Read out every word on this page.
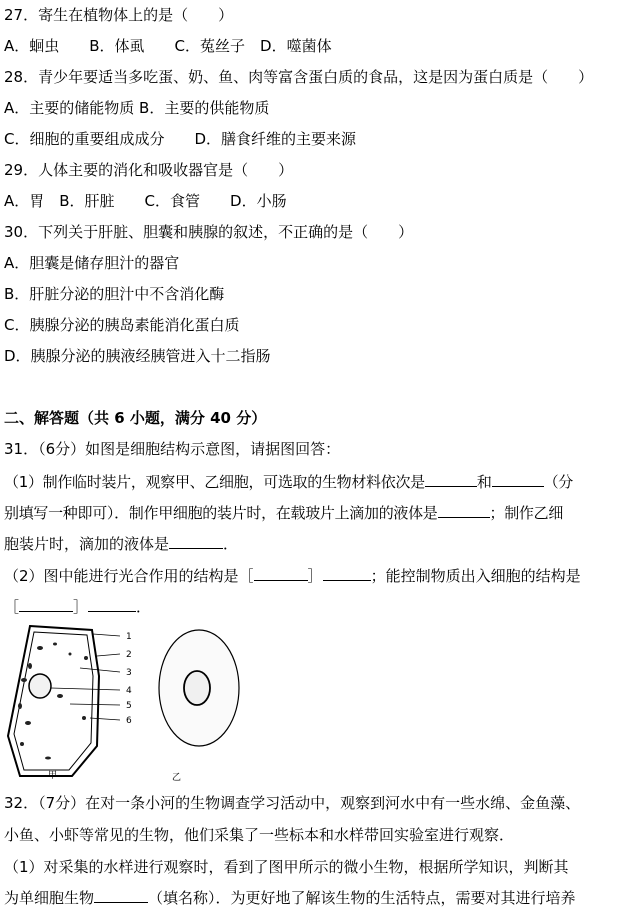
27．寄生在植物体上的是（　　）
A．蛔虫　　B．体虱　　C．菟丝子　D．噬菌体
28．青少年要适当多吃蛋、奶、鱼、肉等富含蛋白质的食品，这是因为蛋白质是（　　）
A．主要的储能物质 B．主要的供能物质
C．细胞的重要组成成分　　D．膳食纤维的主要来源
29．人体主要的消化和吸收器官是（　　）
A．胃　B．肝脏　　C．食管　　D．小肠
30．下列关于肝脏、胆囊和胰腺的叙述，不正确的是（　　）
A．胆囊是储存胆汁的器官
B．肝脏分泌的胆汁中不含消化酶
C．胰腺分泌的胰岛素能消化蛋白质
D．胰腺分泌的胰液经胰管进入十二指肠
二、解答题（共 6 小题，满分 40 分）
31．（6分）如图是细胞结构示意图，请据图回答：
（1）制作临时装片，观察甲、乙细胞，可选取的生物材料依次是	和	（分
别填写一种即可）．制作甲细胞的装片时，在载玻片上滴加的液体是	；制作乙细
胞装片时，滴加的液体是	．
（2）图中能进行光合作用的结构是［	］	；能控制物质出入细胞的结构是
［	］	．
1
2
3
4
5
6
甲	乙
32．（7分）在对一条小河的生物调查学习活动中，观察到河水中有一些水绵、金鱼藻、
小鱼、小虾等常见的生物，他们采集了一些标本和水样带回实验室进行观察．
（1）对采集的水样进行观察时，看到了图甲所示的微小生物，根据所学知识，判断其
为单细胞生物	（填名称）．为更好地了解该生物的生活特点，需要对其进行培养
